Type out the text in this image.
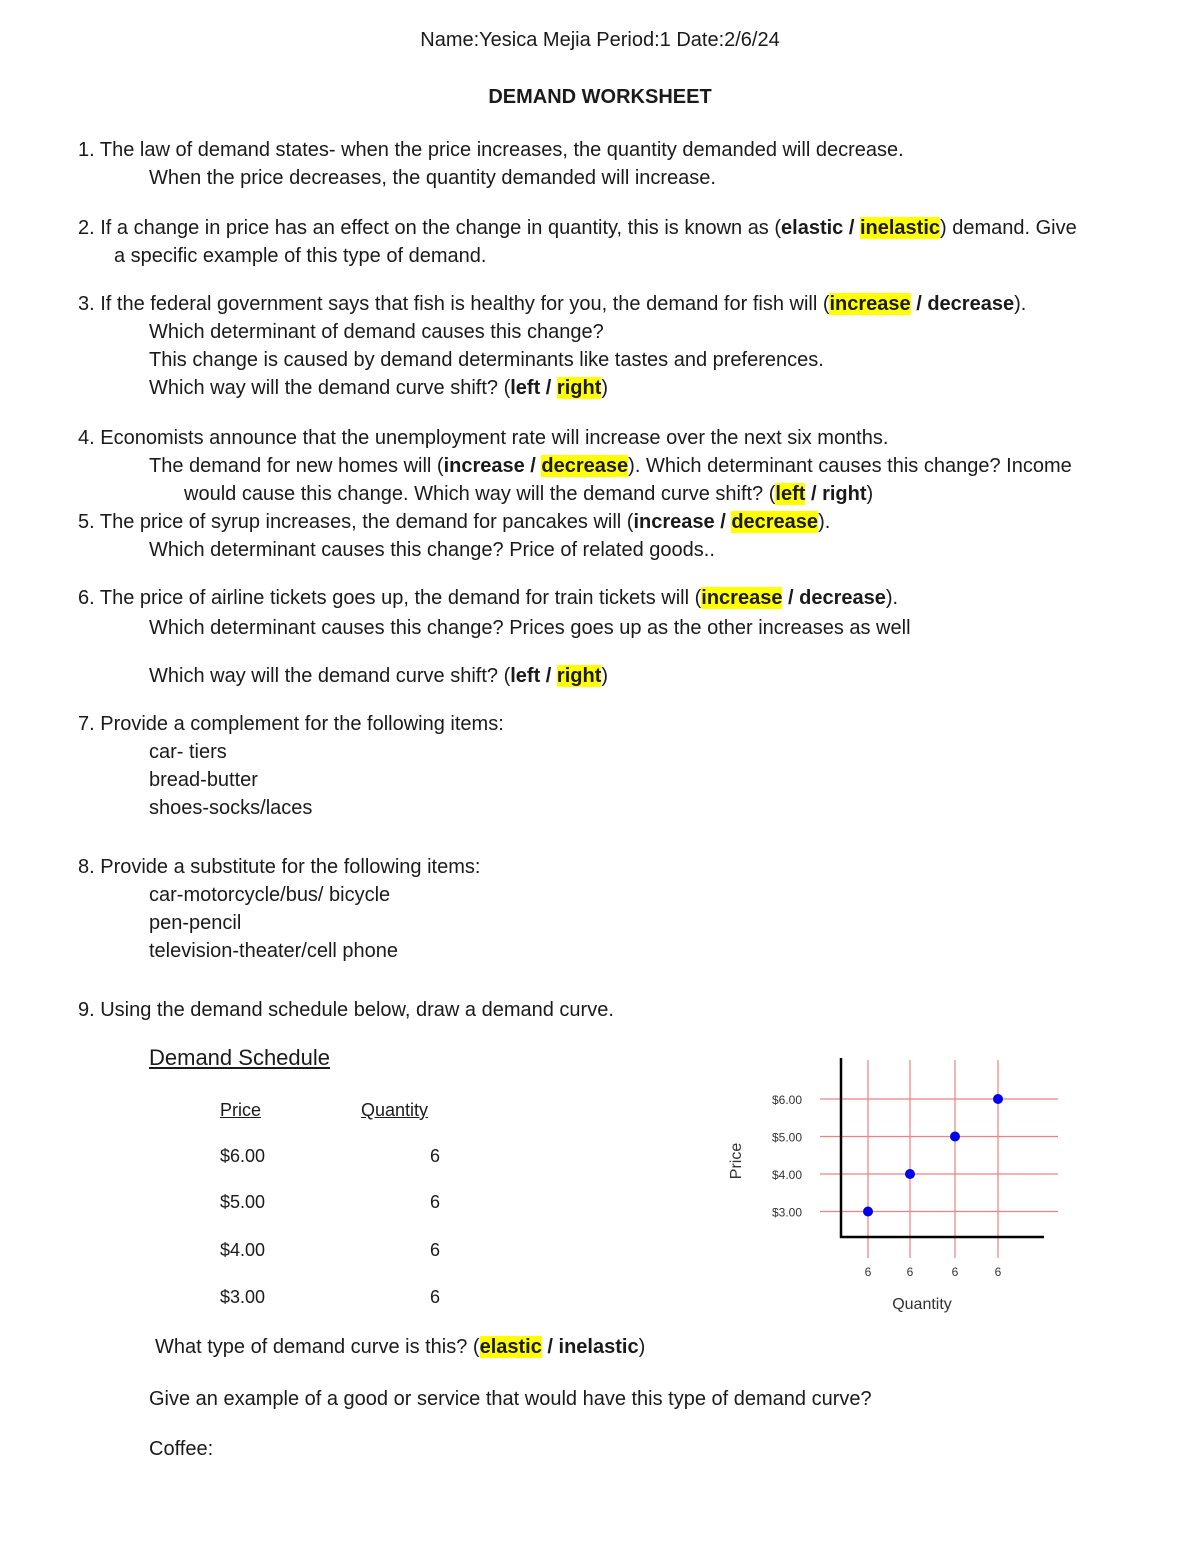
Name:Yesica Mejia Period:1 Date:2/6/24
DEMAND WORKSHEET
1. The law of demand states- when the price increases, the quantity demanded will decrease.
When the price decreases, the quantity demanded will increase.
2. If a change in price has an effect on the change in quantity, this is known as (elastic / inelastic) demand. Give
a specific example of this type of demand.
3. If the federal government says that fish is healthy for you, the demand for fish will (increase / decrease).
Which determinant of demand causes this change?
This change is caused by demand determinants like tastes and preferences.
Which way will the demand curve shift? (left / right)
4. Economists announce that the unemployment rate will increase over the next six months.
The demand for new homes will (increase / decrease). Which determinant causes this change? Income
would cause this change. Which way will the demand curve shift? (left / right)
5. The price of syrup increases, the demand for pancakes will (increase / decrease).
Which determinant causes this change? Price of related goods..
6. The price of airline tickets goes up, the demand for train tickets will (increase / decrease).
Which determinant causes this change? Prices goes up as the other increases as well
Which way will the demand curve shift? (left / right)
7. Provide a complement for the following items:
car- tiers
bread-butter
shoes-socks/laces
8. Provide a substitute for the following items:
car-motorcycle/bus/ bicycle
pen-pencil
television-theater/cell phone
9. Using the demand schedule below, draw a demand curve.
Demand Schedule
Price	Quantity
$6.00	6
$5.00	6
$4.00	6
$3.00	6
What type of demand curve is this? (elastic / inelastic)
Give an example of a good or service that would have this type of demand curve?
Coffee:
$6.00
$5.00
$4.00
$3.00
6	6	6	6
Quantity
Price
